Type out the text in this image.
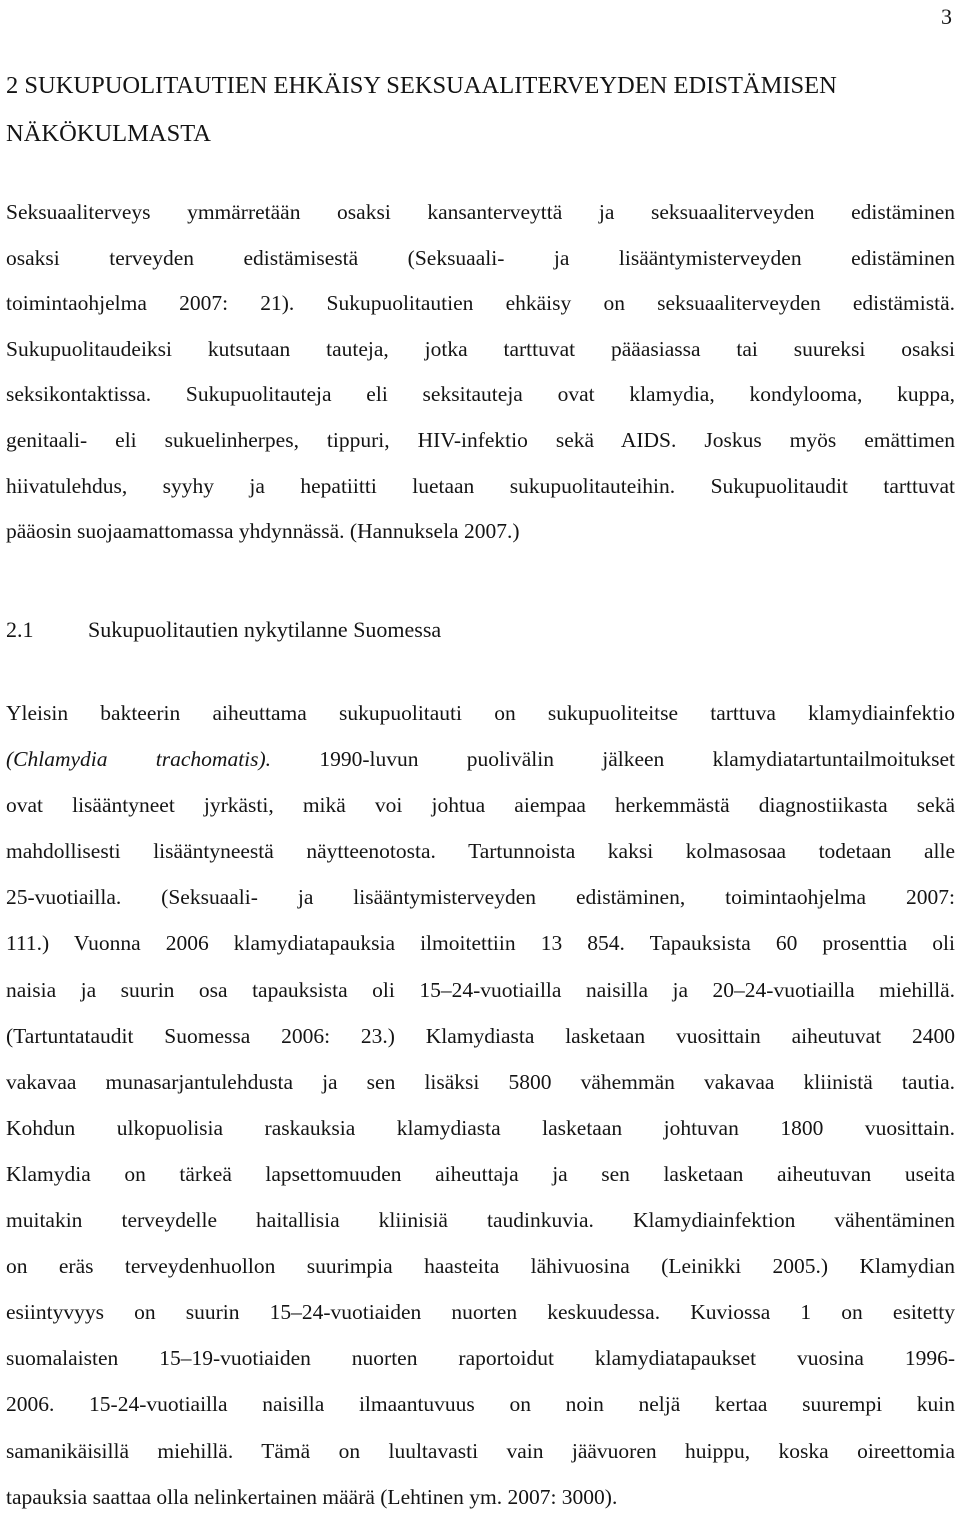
3
2 SUKUPUOLITAUTIEN EHKÄISY SEKSUAALITERVEYDEN EDISTÄMISEN
NÄKÖKULMASTA

Seksuaaliterveys ymmärretään osaksi kansanterveyttä ja seksuaaliterveyden edistäminen
osaksi terveyden edistämisestä (Seksuaali- ja lisääntymisterveyden edistäminen
toimintaohjelma 2007: 21). Sukupuolitautien ehkäisy on seksuaaliterveyden edistämistä.
Sukupuolitaudeiksi kutsutaan tauteja, jotka tarttuvat pääasiassa tai suureksi osaksi
seksikontaktissa. Sukupuolitauteja eli seksitauteja ovat klamydia, kondylooma, kuppa,
genitaali- eli sukuelinherpes, tippuri, HIV-infektio sekä AIDS. Joskus myös emättimen
hiivatulehdus, syyhy ja hepatiitti luetaan sukupuolitauteihin. Sukupuolitaudit tarttuvat
pääosin suojaamattomassa yhdynnässä. (Hannuksela 2007.)

2.1 Sukupuolitautien nykytilanne Suomessa

Yleisin bakteerin aiheuttama sukupuolitauti on sukupuoliteitse tarttuva klamydiainfektio
(Chlamydia trachomatis). 1990-luvun puolivälin jälkeen klamydiatartuntailmoitukset
ovat lisääntyneet jyrkästi, mikä voi johtua aiempaa herkemmästä diagnostiikasta sekä
mahdollisesti lisääntyneestä näytteenotosta. Tartunnoista kaksi kolmasosaa todetaan alle
25-vuotiailla. (Seksuaali- ja lisääntymisterveyden edistäminen, toimintaohjelma 2007:
111.) Vuonna 2006 klamydiatapauksia ilmoitettiin 13 854. Tapauksista 60 prosenttia oli
naisia ja suurin osa tapauksista oli 15–24-vuotiailla naisilla ja 20–24-vuotiailla miehillä.
(Tartuntataudit Suomessa 2006: 23.) Klamydiasta lasketaan vuosittain aiheutuvat 2400
vakavaa munasarjantulehdusta ja sen lisäksi 5800 vähemmän vakavaa kliinistä tautia.
Kohdun ulkopuolisia raskauksia klamydiasta lasketaan johtuvan 1800 vuosittain.
Klamydia on tärkeä lapsettomuuden aiheuttaja ja sen lasketaan aiheutuvan useita
muitakin terveydelle haitallisia kliinisiä taudinkuvia. Klamydiainfektion vähentäminen
on eräs terveydenhuollon suurimpia haasteita lähivuosina (Leinikki 2005.) Klamydian
esiintyvyys on suurin 15–24-vuotiaiden nuorten keskuudessa. Kuviossa 1 on esitetty
suomalaisten 15–19-vuotiaiden nuorten raportoidut klamydiatapaukset vuosina 1996-
2006. 15-24-vuotiailla naisilla ilmaantuvuus on noin neljä kertaa suurempi kuin
samanikäisillä miehillä. Tämä on luultavasti vain jäävuoren huippu, koska oireettomia
tapauksia saattaa olla nelinkertainen määrä (Lehtinen ym. 2007: 3000).
